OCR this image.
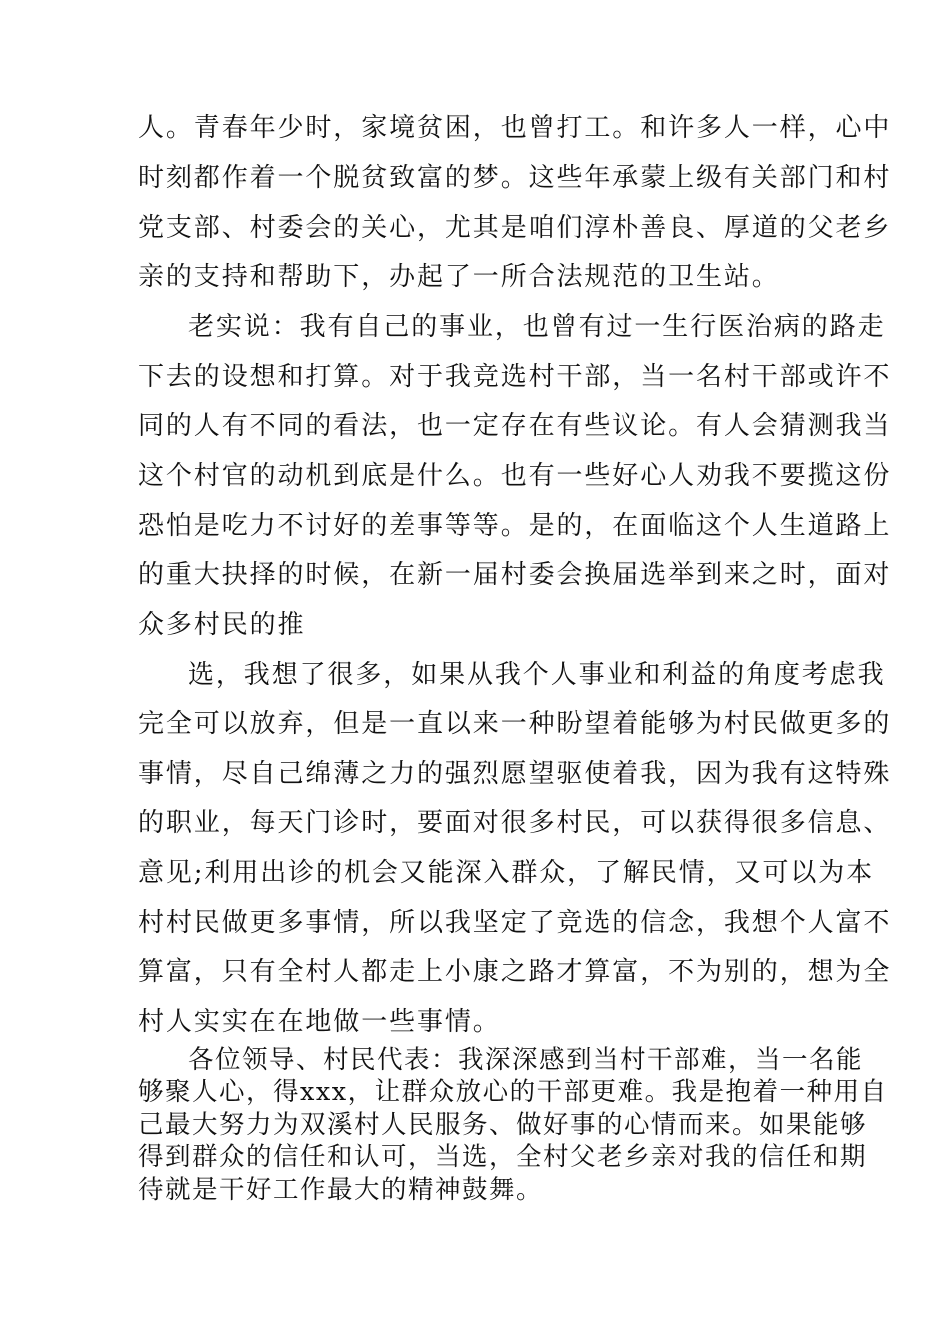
人。青春年少时，家境贫困，也曾打工。和许多人一样，心中
时刻都作着一个脱贫致富的梦。这些年承蒙上级有关部门和村
党支部、村委会的关心，尤其是咱们淳朴善良、厚道的父老乡
亲的支持和帮助下，办起了一所合法规范的卫生站。
老实说：我有自己的事业，也曾有过一生行医治病的路走
下去的设想和打算。对于我竞选村干部，当一名村干部或许不
同的人有不同的看法，也一定存在有些议论。有人会猜测我当
这个村官的动机到底是什么。也有一些好心人劝我不要揽这份
恐怕是吃力不讨好的差事等等。是的，在面临这个人生道路上
的重大抉择的时候，在新一届村委会换届选举到来之时，面对
众多村民的推
选，我想了很多，如果从我个人事业和利益的角度考虑我
完全可以放弃，但是一直以来一种盼望着能够为村民做更多的
事情，尽自己绵薄之力的强烈愿望驱使着我，因为我有这特殊
的职业，每天门诊时，要面对很多村民，可以获得很多信息、
意见;利用出诊的机会又能深入群众，了解民情，又可以为本
村村民做更多事情，所以我坚定了竞选的信念，我想个人富不
算富，只有全村人都走上小康之路才算富，不为别的，想为全
村人实实在在地做一些事情。
各位领导、村民代表：我深深感到当村干部难，当一名能
够聚人心，得xxx，让群众放心的干部更难。我是抱着一种用自
己最大努力为双溪村人民服务、做好事的心情而来。如果能够
得到群众的信任和认可，当选，全村父老乡亲对我的信任和期
待就是干好工作最大的精神鼓舞。
